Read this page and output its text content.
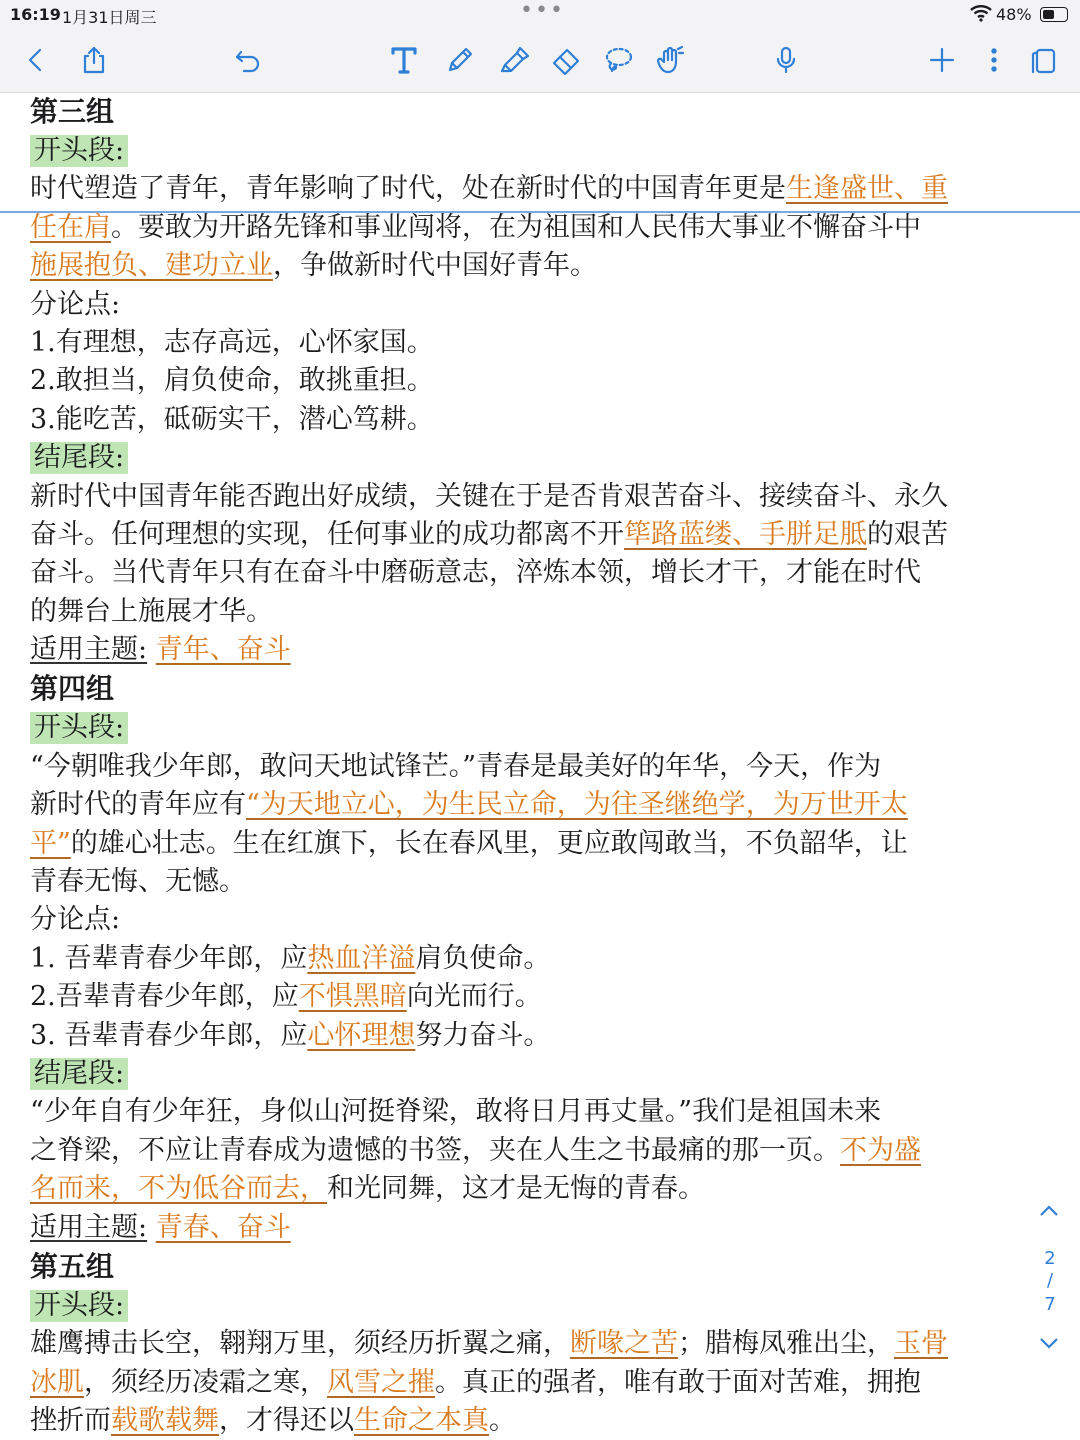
16:19 1月31日周三	•••	48%
第三组
开头段:
时代塑造了青年，青年影响了时代，处在新时代的中国青年更是生逢盛世、重
任在肩。要敢为开路先锋和事业闯将，在为祖国和人民伟大事业不懈奋斗中
施展抱负、建功立业，争做新时代中国好青年。
分论点:
1.有理想，志存高远，心怀家国。
2.敢担当，肩负使命，敢挑重担。
3.能吃苦，砥砺实干，潜心笃耕。
结尾段:
新时代中国青年能否跑出好成绩，关键在于是否肯艰苦奋斗、接续奋斗、永久
奋斗。任何理想的实现，任何事业的成功都离不开筚路蓝缕、手胼足胝的艰苦
奋斗。当代青年只有在奋斗中磨砺意志，淬炼本领，增长才干，才能在时代
的舞台上施展才华。
适用主题: 青年、奋斗
第四组
开头段:
“今朝唯我少年郎，敢问天地试锋芒。”青春是最美好的年华，今天，作为
新时代的青年应有“为天地立心，为生民立命，为往圣继绝学，为万世开太
平”的雄心壮志。生在红旗下，长在春风里，更应敢闯敢当，不负韶华，让
青春无悔、无憾。
分论点:
1. 吾辈青春少年郎，应热血洋溢肩负使命。
2.吾辈青春少年郎，应不惧黑暗向光而行。
3. 吾辈青春少年郎，应心怀理想努力奋斗。
结尾段:
“少年自有少年狂，身似山河挺脊梁，敢将日月再丈量。”我们是祖国未来
之脊梁，不应让青春成为遗憾的书签，夹在人生之书最痛的那一页。不为盛
名而来，不为低谷而去，和光同舞，这才是无悔的青春。
适用主题: 青春、奋斗
第五组
开头段:
雄鹰搏击长空，翱翔万里，须经历折翼之痛，断喙之苦；腊梅凤雅出尘，玉骨
冰肌，须经历凌霜之寒，风雪之摧。真正的强者，唯有敢于面对苦难，拥抱
挫折而载歌载舞，才得还以生命之本真。
2
/
7
